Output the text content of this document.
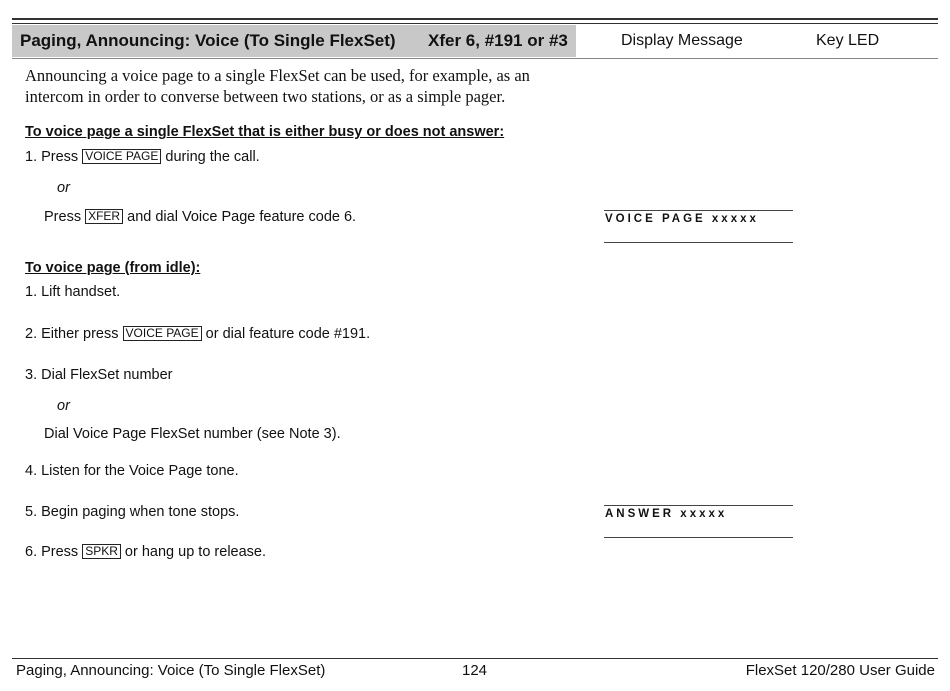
Paging, Announcing: Voice (To Single FlexSet) Xfer 6, #191 or #3	Display Message	Key LED
Announcing a voice page to a single FlexSet can be used, for example, as an intercom in order to converse between two stations, or as a simple pager.
To voice page a single FlexSet that is either busy or does not answer:
1. Press VOICE PAGE during the call.
or
Press XFER and dial Voice Page feature code 6.	VOICE PAGE xxxxx
To voice page (from idle):
1. Lift handset.
2. Either press VOICE PAGE or dial feature code #191.
3. Dial FlexSet number
or
Dial Voice Page FlexSet number (see Note 3).
4. Listen for the Voice Page tone.
5. Begin paging when tone stops.	ANSWER xxxxx
6. Press SPKR or hang up to release.
Paging, Announcing: Voice (To Single FlexSet)	124	FlexSet 120/280 User Guide
